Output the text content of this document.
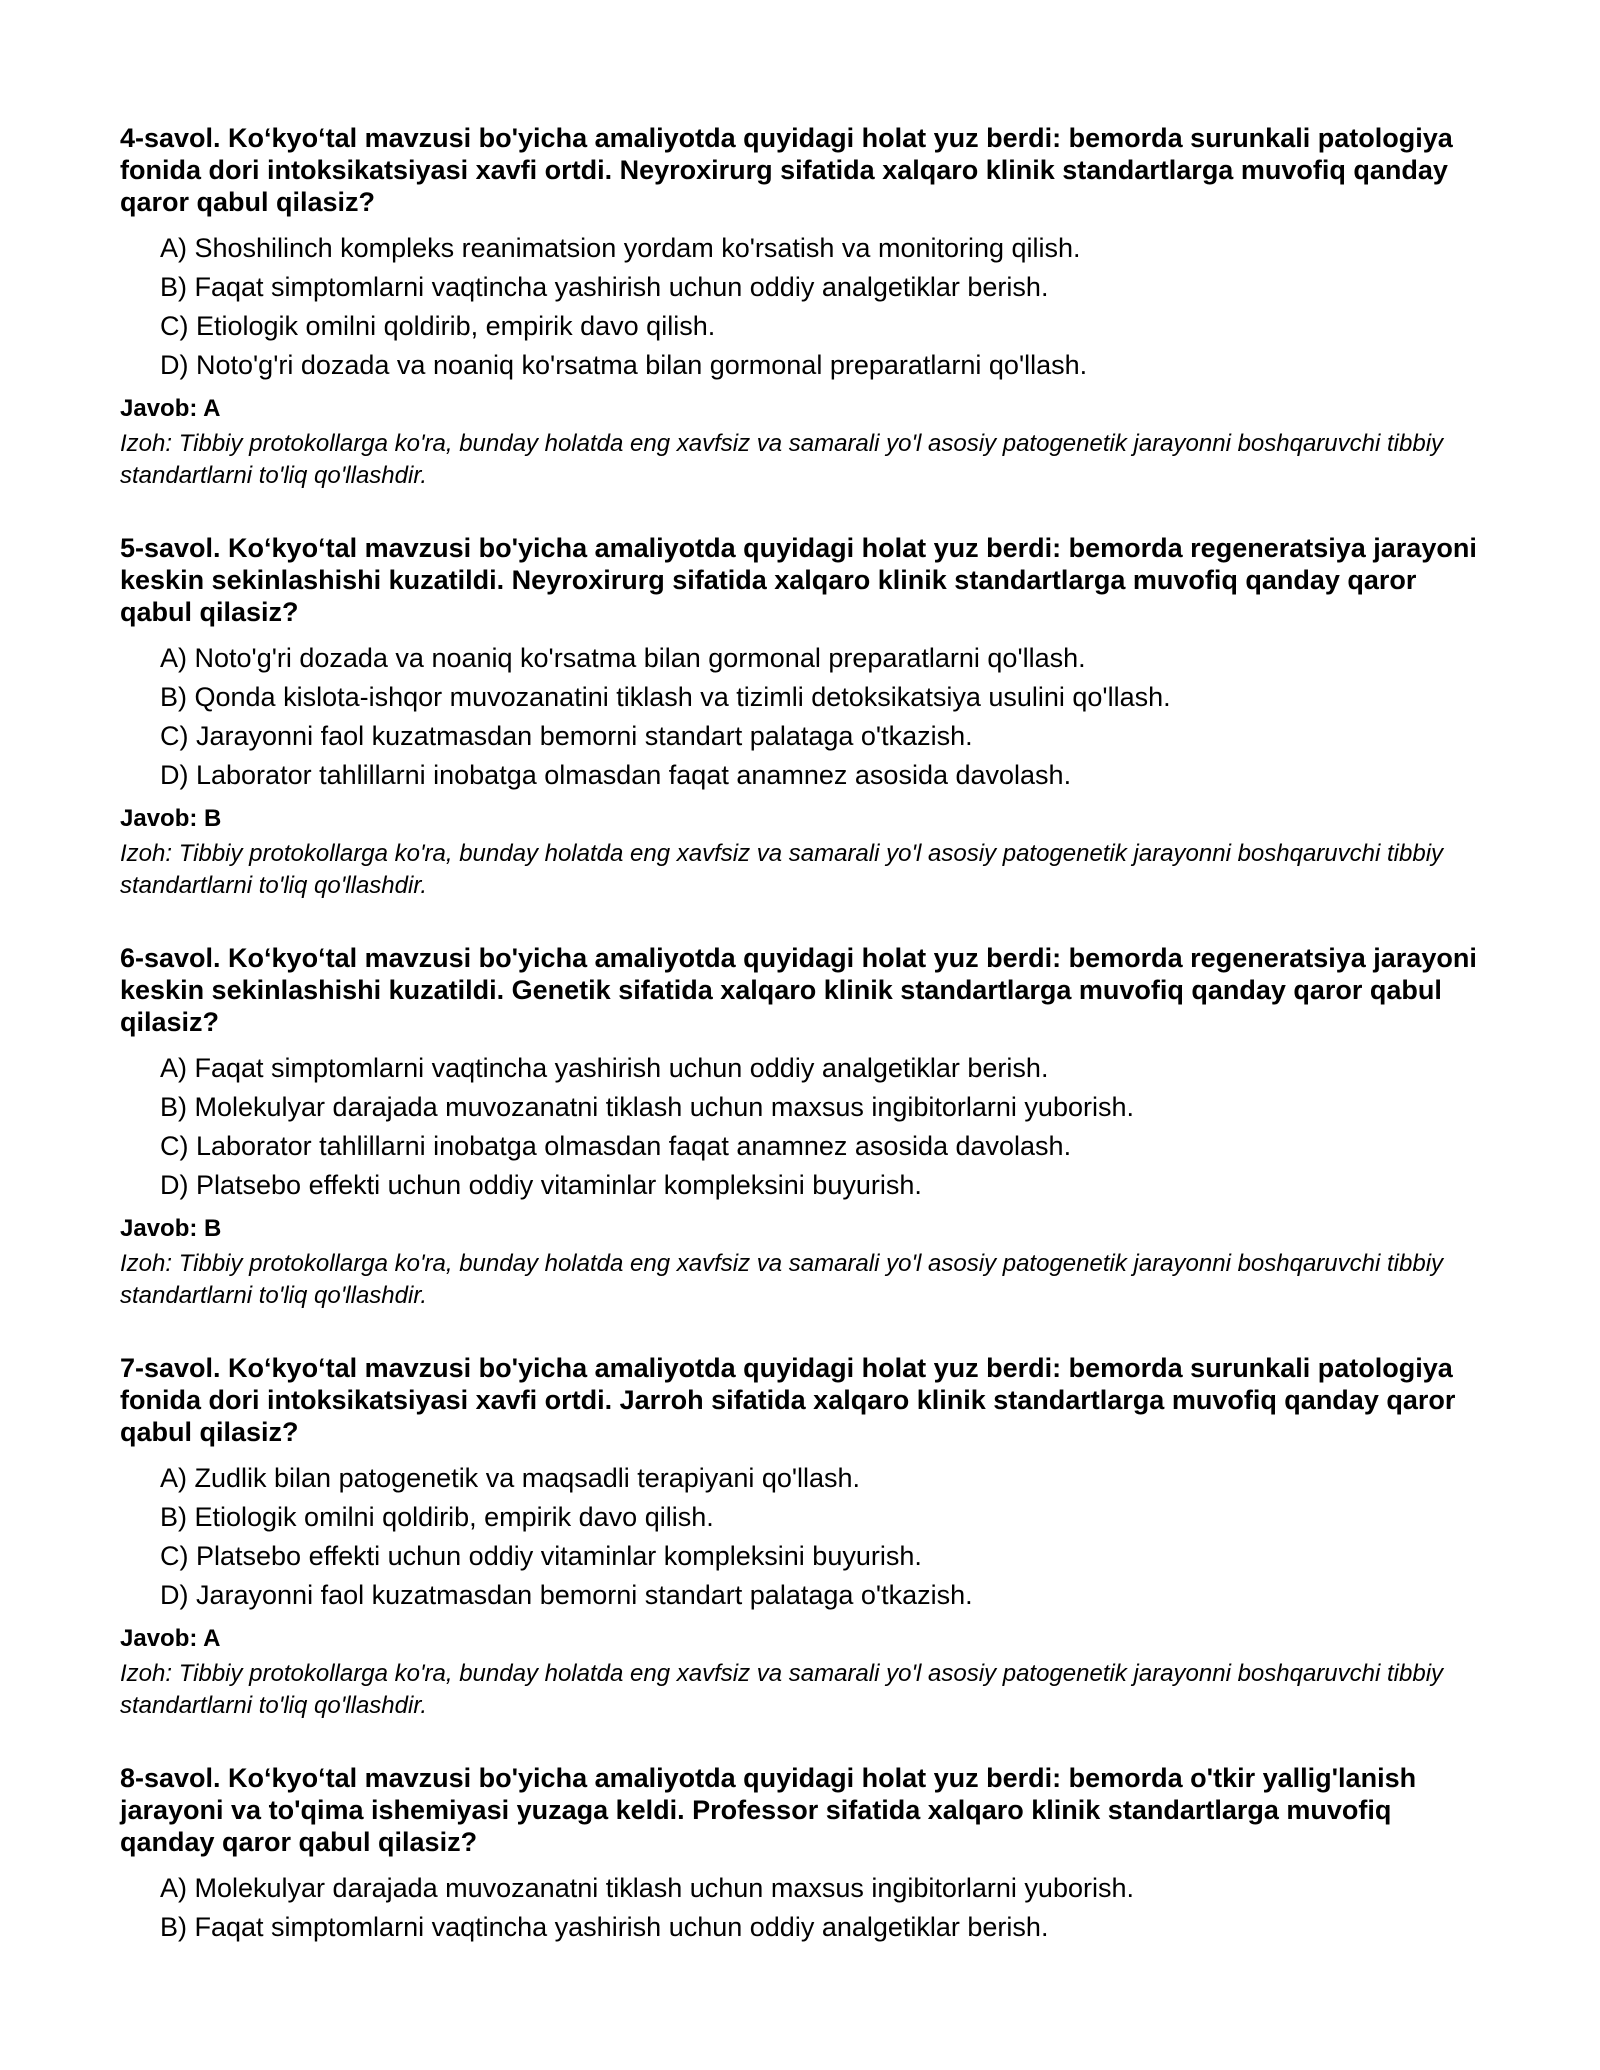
4-savol. Ko‘kyo‘tal mavzusi bo'yicha amaliyotda quyidagi holat yuz berdi: bemorda surunkali patologiya fonida dori intoksikatsiyasi xavfi ortdi. Neyroxirurg sifatida xalqaro klinik standartlarga muvofiq qanday qaror qabul qilasiz?
A) Shoshilinch kompleks reanimatsion yordam ko'rsatish va monitoring qilish.
B) Faqat simptomlarni vaqtincha yashirish uchun oddiy analgetiklar berish.
C) Etiologik omilni qoldirib, empirik davo qilish.
D) Noto'g'ri dozada va noaniq ko'rsatma bilan gormonal preparatlarni qo'llash.
Javob: A
Izoh: Tibbiy protokollarga ko'ra, bunday holatda eng xavfsiz va samarali yo'l asosiy patogenetik jarayonni boshqaruvchi tibbiy standartlarni to'liq qo'llashdir.
5-savol. Ko‘kyo‘tal mavzusi bo'yicha amaliyotda quyidagi holat yuz berdi: bemorda regeneratsiya jarayoni keskin sekinlashishi kuzatildi. Neyroxirurg sifatida xalqaro klinik standartlarga muvofiq qanday qaror qabul qilasiz?
A) Noto'g'ri dozada va noaniq ko'rsatma bilan gormonal preparatlarni qo'llash.
B) Qonda kislota-ishqor muvozanatini tiklash va tizimli detoksikatsiya usulini qo'llash.
C) Jarayonni faol kuzatmasdan bemorni standart palataga o'tkazish.
D) Laborator tahlillarni inobatga olmasdan faqat anamnez asosida davolash.
Javob: B
Izoh: Tibbiy protokollarga ko'ra, bunday holatda eng xavfsiz va samarali yo'l asosiy patogenetik jarayonni boshqaruvchi tibbiy standartlarni to'liq qo'llashdir.
6-savol. Ko‘kyo‘tal mavzusi bo'yicha amaliyotda quyidagi holat yuz berdi: bemorda regeneratsiya jarayoni keskin sekinlashishi kuzatildi. Genetik sifatida xalqaro klinik standartlarga muvofiq qanday qaror qabul qilasiz?
A) Faqat simptomlarni vaqtincha yashirish uchun oddiy analgetiklar berish.
B) Molekulyar darajada muvozanatni tiklash uchun maxsus ingibitorlarni yuborish.
C) Laborator tahlillarni inobatga olmasdan faqat anamnez asosida davolash.
D) Platsebo effekti uchun oddiy vitaminlar kompleksini buyurish.
Javob: B
Izoh: Tibbiy protokollarga ko'ra, bunday holatda eng xavfsiz va samarali yo'l asosiy patogenetik jarayonni boshqaruvchi tibbiy standartlarni to'liq qo'llashdir.
7-savol. Ko‘kyo‘tal mavzusi bo'yicha amaliyotda quyidagi holat yuz berdi: bemorda surunkali patologiya fonida dori intoksikatsiyasi xavfi ortdi. Jarroh sifatida xalqaro klinik standartlarga muvofiq qanday qaror qabul qilasiz?
A) Zudlik bilan patogenetik va maqsadli terapiyani qo'llash.
B) Etiologik omilni qoldirib, empirik davo qilish.
C) Platsebo effekti uchun oddiy vitaminlar kompleksini buyurish.
D) Jarayonni faol kuzatmasdan bemorni standart palataga o'tkazish.
Javob: A
Izoh: Tibbiy protokollarga ko'ra, bunday holatda eng xavfsiz va samarali yo'l asosiy patogenetik jarayonni boshqaruvchi tibbiy standartlarni to'liq qo'llashdir.
8-savol. Ko‘kyo‘tal mavzusi bo'yicha amaliyotda quyidagi holat yuz berdi: bemorda o'tkir yallig'lanish jarayoni va to'qima ishemiyasi yuzaga keldi. Professor sifatida xalqaro klinik standartlarga muvofiq qanday qaror qabul qilasiz?
A) Molekulyar darajada muvozanatni tiklash uchun maxsus ingibitorlarni yuborish.
B) Faqat simptomlarni vaqtincha yashirish uchun oddiy analgetiklar berish.
